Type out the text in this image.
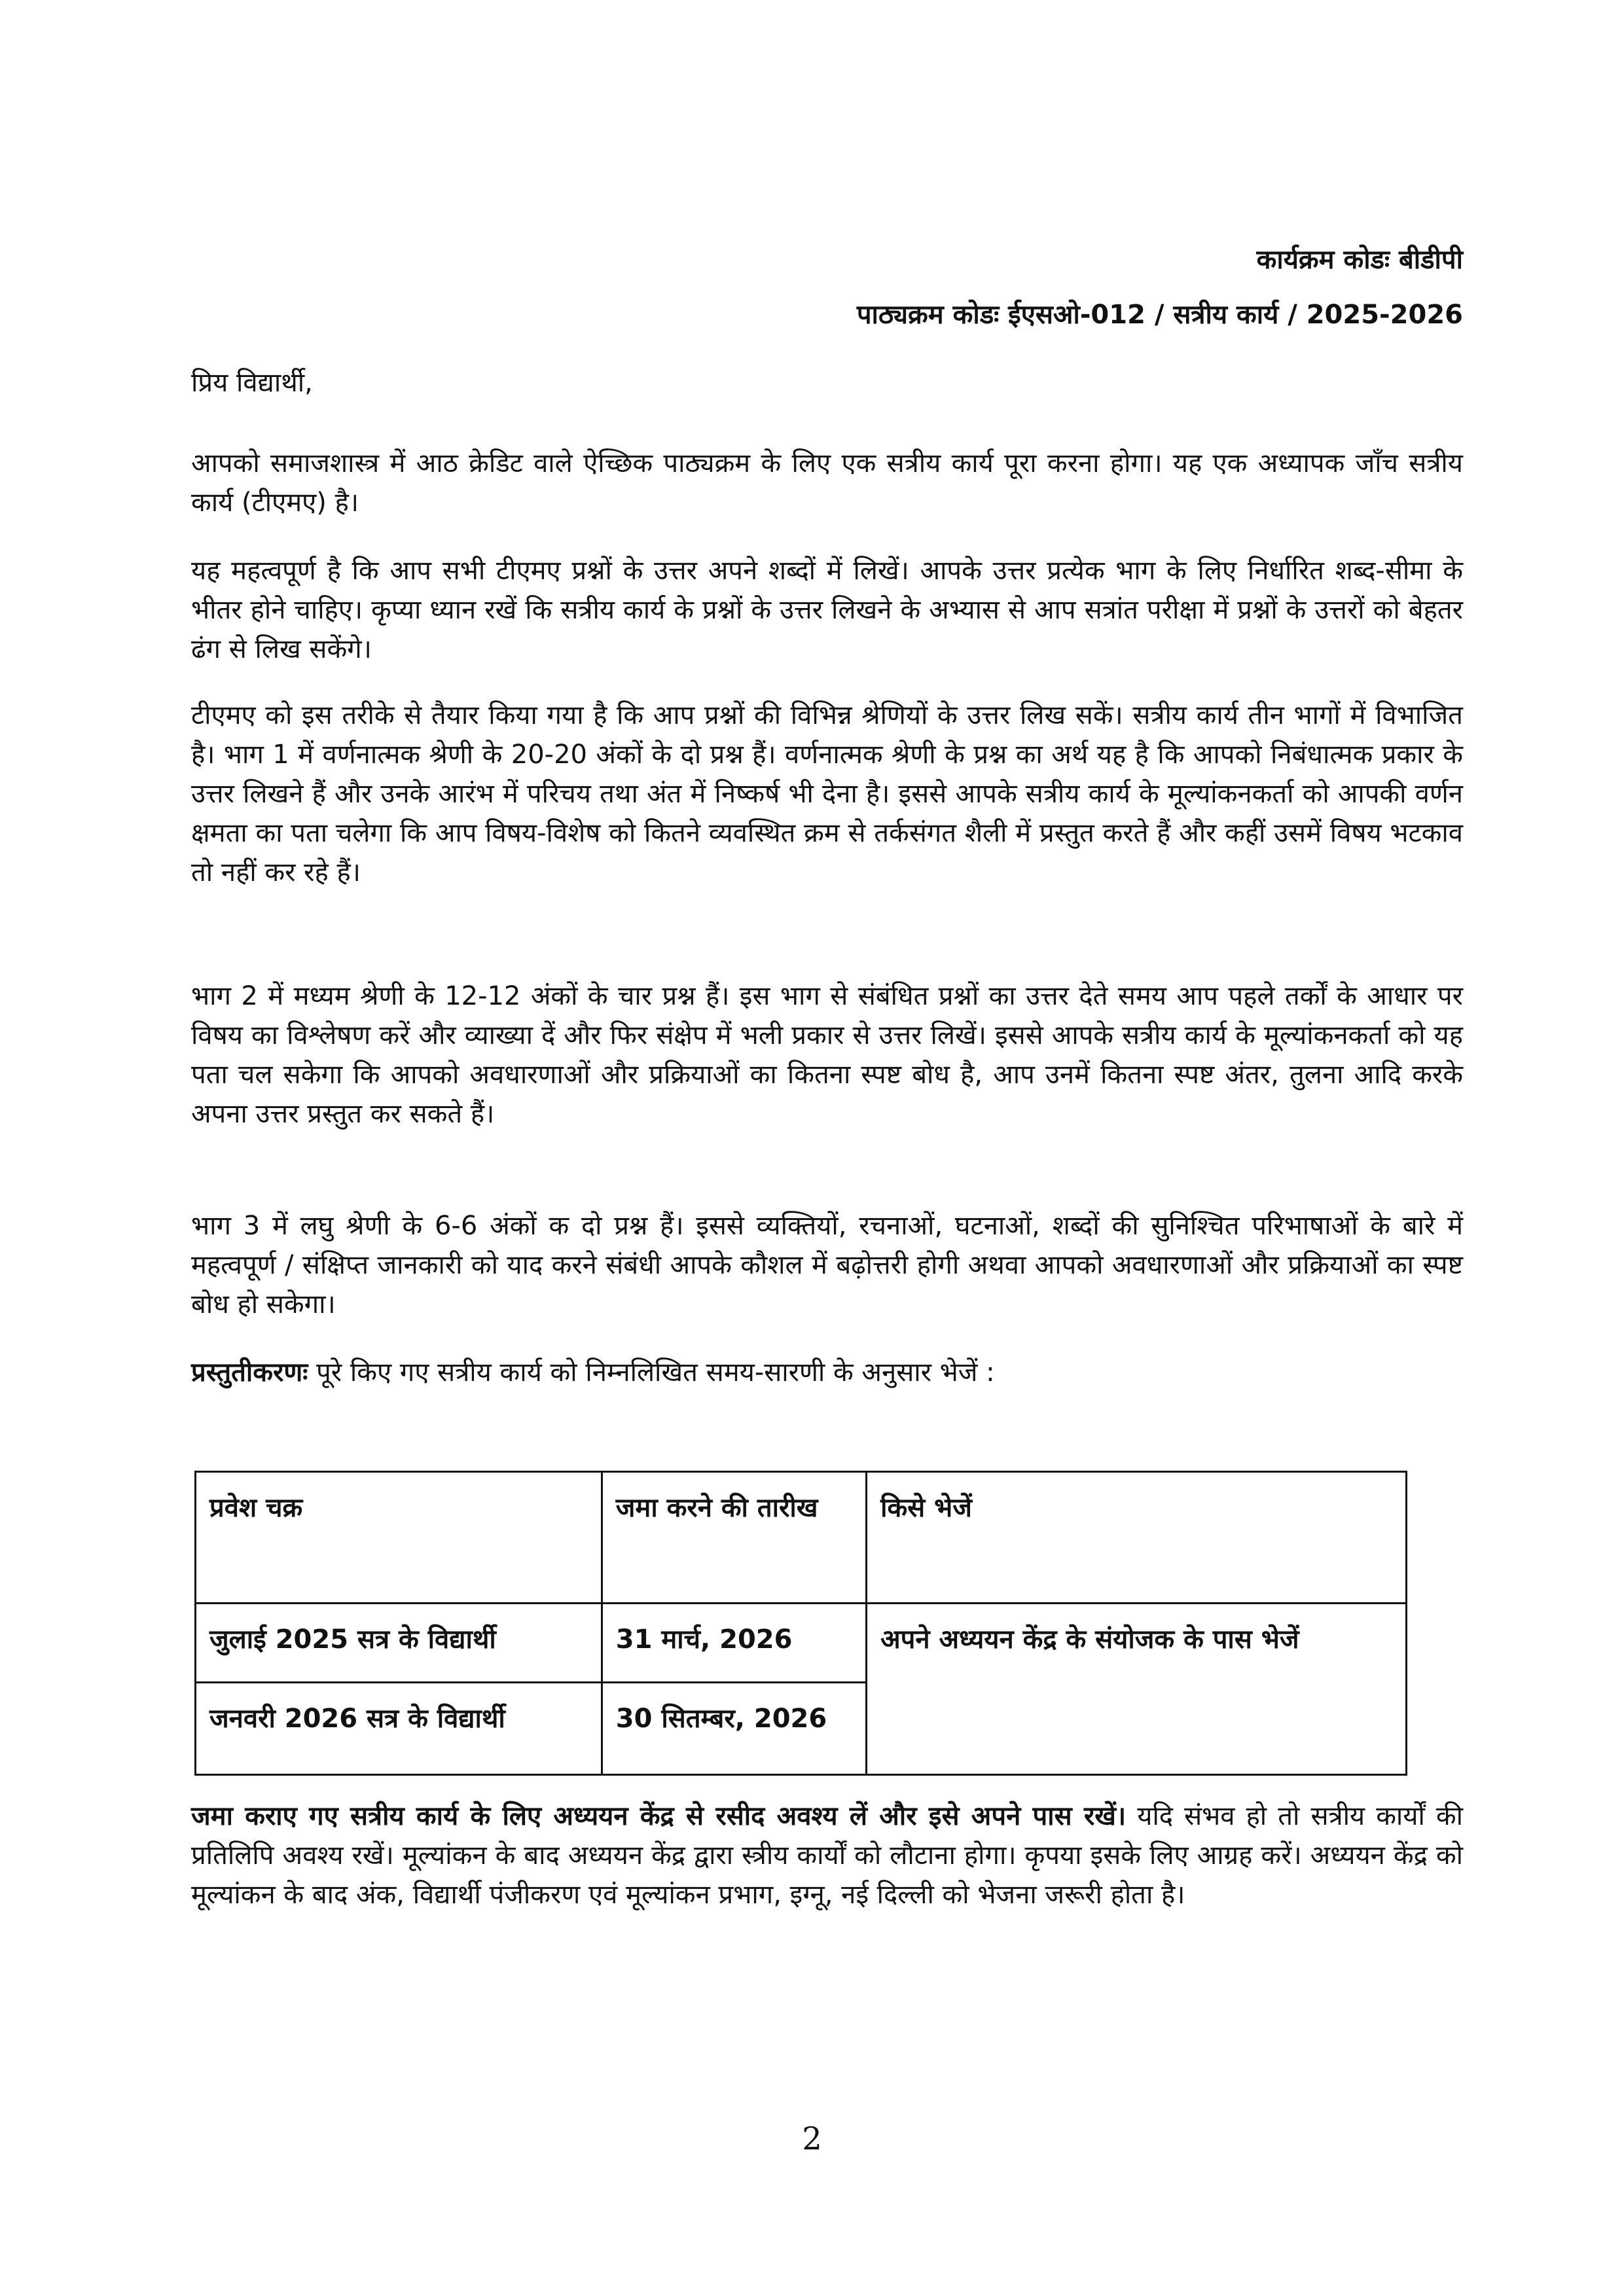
कार्यक्रम कोडः बीडीपी
पाठ्यक्रम कोडः ईएसओ-012 / सत्रीय कार्य / 2025-2026
प्रिय विद्यार्थी,

आपको समाजशास्त्र में आठ क्रेडिट वाले ऐच्छिक पाठ्यक्रम के लिए एक सत्रीय कार्य पूरा करना होगा। यह एक अध्यापक जाँच सत्रीय कार्य (टीएमए) है।

यह महत्वपूर्ण है कि आप सभी टीएमए प्रश्नों के उत्तर अपने शब्दों में लिखें। आपके उत्तर प्रत्येक भाग के लिए निर्धारित शब्द-सीमा के भीतर होने चाहिए। कृप्या ध्यान रखें कि सत्रीय कार्य के प्रश्नों के उत्तर लिखने के अभ्यास से आप सत्रांत परीक्षा में प्रश्नों के उत्तरों को बेहतर ढंग से लिख सकेंगे।

टीएमए को इस तरीके से तैयार किया गया है कि आप प्रश्नों की विभिन्न श्रेणियों के उत्तर लिख सकें। सत्रीय कार्य तीन भागों में विभाजित है। भाग 1 में वर्णनात्मक श्रेणी के 20-20 अंकों के दो प्रश्न हैं। वर्णनात्मक श्रेणी के प्रश्न का अर्थ यह है कि आपको निबंधात्मक प्रकार के उत्तर लिखने हैं और उनके आरंभ में परिचय तथा अंत में निष्कर्ष भी देना है। इससे आपके सत्रीय कार्य के मूल्यांकनकर्ता को आपकी वर्णन क्षमता का पता चलेगा कि आप विषय-विशेष को कितने व्यवस्थित क्रम से तर्कसंगत शैली में प्रस्तुत करते हैं और कहीं उसमें विषय भटकाव तो नहीं कर रहे हैं।

भाग 2 में मध्यम श्रेणी के 12-12 अंकों के चार प्रश्न हैं। इस भाग से संबंधित प्रश्नों का उत्तर देते समय आप पहले तर्कों के आधार पर विषय का विश्लेषण करें और व्याख्या दें और फिर संक्षेप में भली प्रकार से उत्तर लिखें। इससे आपके सत्रीय कार्य के मूल्यांकनकर्ता को यह पता चल सकेगा कि आपको अवधारणाओं और प्रक्रियाओं का कितना स्पष्ट बोध है, आप उनमें कितना स्पष्ट अंतर, तुलना आदि करके अपना उत्तर प्रस्तुत कर सकते हैं।

भाग 3 में लघु श्रेणी के 6-6 अंकों क दो प्रश्न हैं। इससे व्यक्तियों, रचनाओं, घटनाओं, शब्दों की सुनिश्चित परिभाषाओं के बारे में महत्वपूर्ण / संक्षिप्त जानकारी को याद करने संबंधी आपके कौशल में बढ़ोत्तरी होगी अथवा आपको अवधारणाओं और प्रक्रियाओं का स्पष्ट बोध हो सकेगा।

प्रस्तुतीकरणः पूरे किए गए सत्रीय कार्य को निम्नलिखित समय-सारणी के अनुसार भेजें :

प्रवेश चक्र	जमा करने की तारीख	किसे भेजें
जुलाई 2025 सत्र के विद्यार्थी	31 मार्च, 2026	अपने अध्ययन केंद्र के संयोजक के पास भेजें
जनवरी 2026 सत्र के विद्यार्थी	30 सितम्बर, 2026	

जमा कराए गए सत्रीय कार्य के लिए अध्ययन केंद्र से रसीद अवश्य लें और इसे अपने पास रखें। यदि संभव हो तो सत्रीय कार्यों की प्रतिलिपि अवश्य रखें। मूल्यांकन के बाद अध्ययन केंद्र द्वारा स्त्रीय कार्यों को लौटाना होगा। कृपया इसके लिए आग्रह करें। अध्ययन केंद्र को मूल्यांकन के बाद अंक, विद्यार्थी पंजीकरण एवं मूल्यांकन प्रभाग, इग्नू, नई दिल्ली को भेजना जरूरी होता है।

2
